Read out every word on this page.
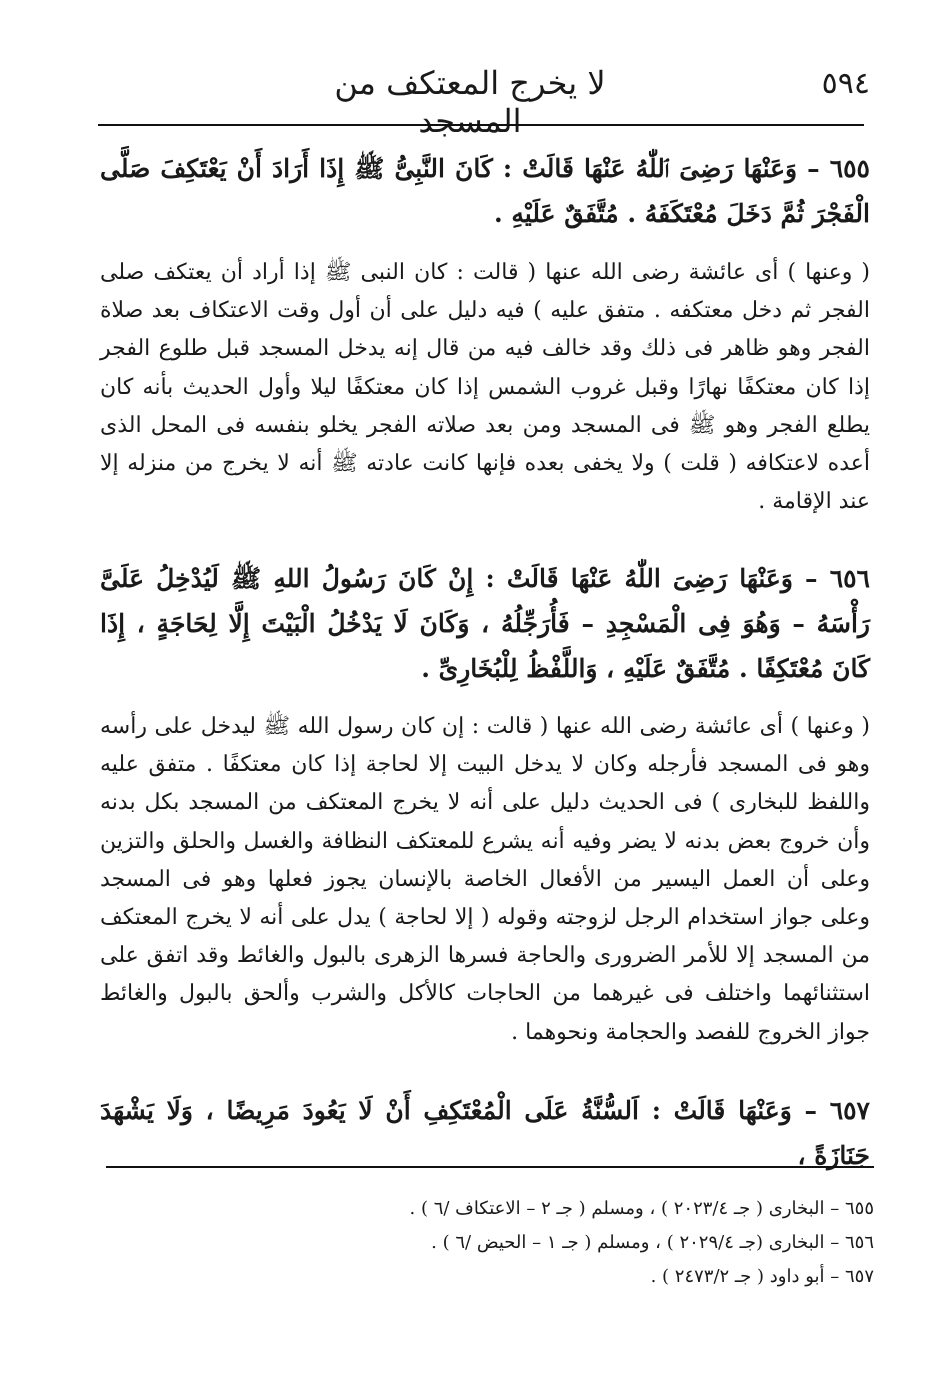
٥٩٤
لا يخرج المعتكف من المسجد
٦٥٥ – وَعَنْهَا رَضِىَ ٱللّٰهُ عَنْهَا قَالَتْ : كَانَ النَّبِىُّ ﷺ إِذَا أَرَادَ أَنْ يَعْتَكِفَ صَلَّى الْفَجْرَ ثُمَّ دَخَلَ مُعْتَكَفَهُ . مُتَّفَقٌ عَلَيْهِ .
( وعنها ) أى عائشة رضى الله عنها ( قالت : كان النبى ﷺ إذا أراد أن يعتكف صلى الفجر ثم دخل معتكفه . متفق عليه ) فيه دليل على أن أول وقت الاعتكاف بعد صلاة الفجر وهو ظاهر فى ذلك وقد خالف فيه من قال إنه يدخل المسجد قبل طلوع الفجر إذا كان معتكفًا نهارًا وقبل غروب الشمس إذا كان معتكفًا ليلا وأول الحديث بأنه كان يطلع الفجر وهو ﷺ فى المسجد ومن بعد صلاته الفجر يخلو بنفسه فى المحل الذى أعده لاعتكافه ( قلت ) ولا يخفى بعده فإنها كانت عادته ﷺ أنه لا يخرج من منزله إلا عند الإقامة .
٦٥٦ – وَعَنْهَا رَضِىَ اللّٰهُ عَنْهَا قَالَتْ : إِنْ كَانَ رَسُولُ اللهِ ﷺ لَيُدْخِلُ عَلَىَّ رَأْسَهُ – وَهُوَ فِى الْمَسْجِدِ – فَأُرَجِّلُهُ ، وَكَانَ لَا يَدْخُلُ الْبَيْتَ إِلَّا لِحَاجَةٍ ، إِذَا كَانَ مُعْتَكِفًا . مُتَّفَقٌ عَلَيْهِ ، وَاللَّفْظُ لِلْبُخَارِىِّ .
( وعنها ) أى عائشة رضى الله عنها ( قالت : إن كان رسول الله ﷺ ليدخل على رأسه وهو فى المسجد فأرجله وكان لا يدخل البيت إلا لحاجة إذا كان معتكفًا . متفق عليه واللفظ للبخارى ) فى الحديث دليل على أنه لا يخرج المعتكف من المسجد بكل بدنه وأن خروج بعض بدنه لا يضر وفيه أنه يشرع للمعتكف النظافة والغسل والحلق والتزين وعلى أن العمل اليسير من الأفعال الخاصة بالإنسان يجوز فعلها وهو فى المسجد وعلى جواز استخدام الرجل لزوجته وقوله ( إلا لحاجة ) يدل على أنه لا يخرج المعتكف من المسجد إلا للأمر الضرورى والحاجة فسرها الزهرى بالبول والغائط وقد اتفق على استثنائهما واختلف فى غيرهما من الحاجات كالأكل والشرب وألحق بالبول والغائط جواز الخروج للفصد والحجامة ونحوهما .
٦٥٧ – وَعَنْهَا قَالَتْ : اَلسُّنَّةُ عَلَى الْمُعْتَكِفِ أَنْ لَا يَعُودَ مَرِيضًا ، وَلَا يَشْهَدَ جَنَازَةً ،
٦٥٥ – البخارى ( جـ ٢٠٢٣/٤ ) ، ومسلم ( جـ ٢ – الاعتكاف /٦ ) .
٦٥٦ – البخارى (جـ ٢٠٢٩/٤ ) ، ومسلم ( جـ ١ – الحيض /٦ ) .
٦٥٧ – أبو داود ( جـ ٢٤٧٣/٢ ) .
